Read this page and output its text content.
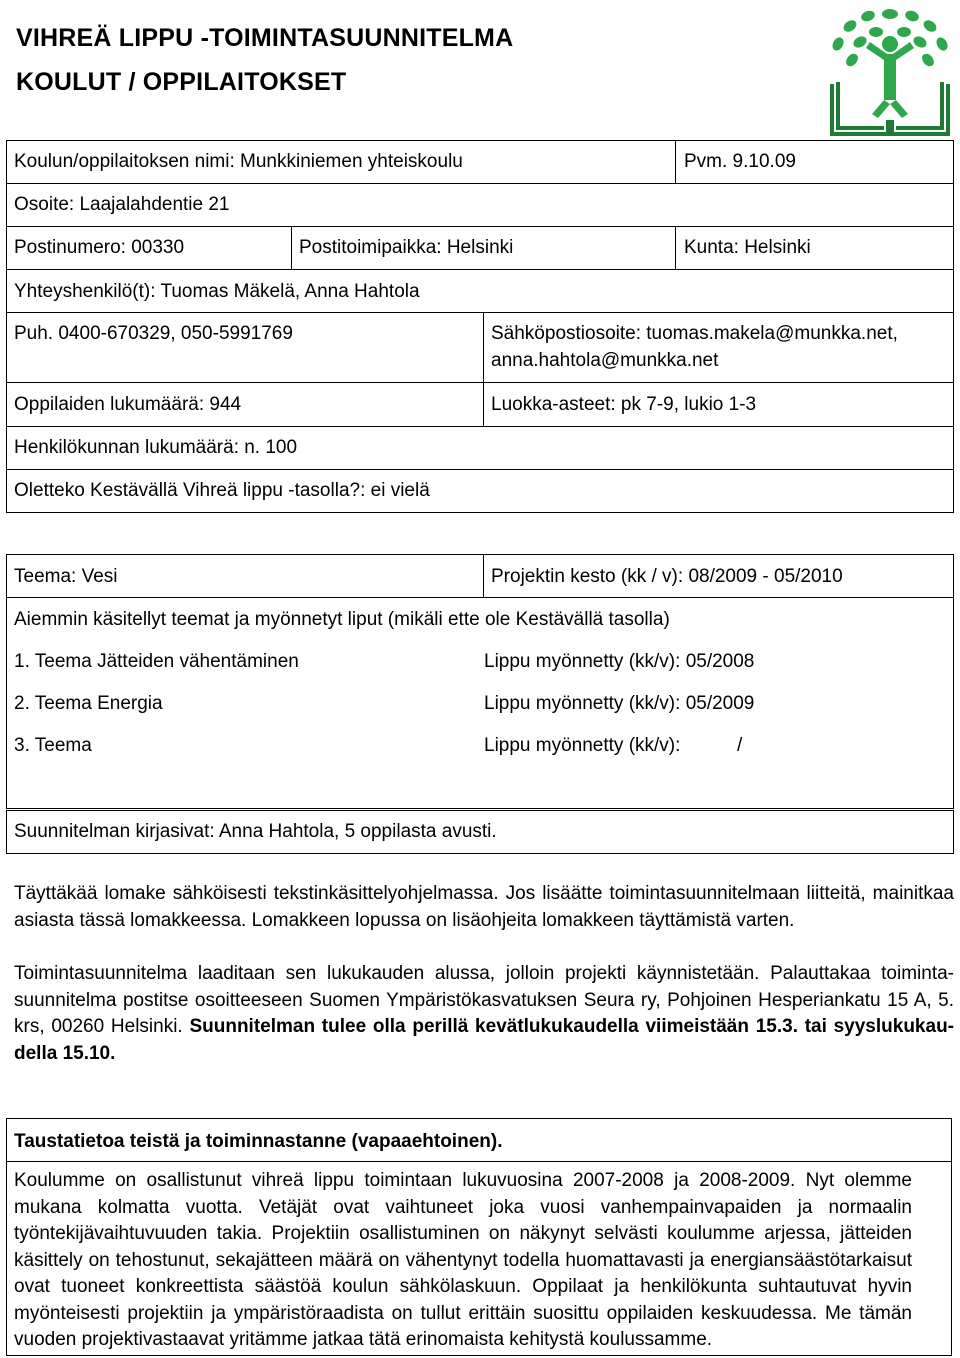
VIHREÄ LIPPU -TOIMINTASUUNNITELMA
KOULUT / OPPILAITOKSET
Koulun/oppilaitoksen nimi: Munkkiniemen yhteiskoulu	Pvm. 9.10.09
Osoite: Laajalahdentie 21
Postinumero: 00330	Postitoimipaikka: Helsinki	Kunta: Helsinki
Yhteyshenkilö(t): Tuomas Mäkelä, Anna Hahtola
Puh. 0400-670329, 050-5991769	Sähköpostiosoite: tuomas.makela@munkka.net,
anna.hahtola@munkka.net
Oppilaiden lukumäärä: 944	Luokka-asteet: pk 7-9, lukio 1-3
Henkilökunnan lukumäärä: n. 100
Oletteko Kestävällä Vihreä lippu -tasolla?: ei vielä
Teema: Vesi	Projektin kesto (kk / v): 08/2009 - 05/2010
Aiemmin käsitellyt teemat ja myönnetyt liput (mikäli ette ole Kestävällä tasolla)
1. Teema Jätteiden vähentäminen	Lippu myönnetty (kk/v): 05/2008
2. Teema Energia	Lippu myönnetty (kk/v): 05/2009
3. Teema	Lippu myönnetty (kk/v):	/
Suunnitelman kirjasivat: Anna Hahtola, 5 oppilasta avusti.
Täyttäkää lomake sähköisesti tekstinkäsittelyohjelmassa. Jos lisäätte toimintasuunnitelmaan liitteitä, mainitkaa asiasta tässä lomakkeessa. Lomakkeen lopussa on lisäohjeita lomakkeen täyttämistä varten.
Toimintasuunnitelma laaditaan sen lukukauden alussa, jolloin projekti käynnistetään. Palauttakaa toiminta-suunnitelma postitse osoitteeseen Suomen Ympäristökasvatuksen Seura ry, Pohjoinen Hesperiankatu 15 A, 5. krs, 00260 Helsinki. Suunnitelman tulee olla perillä kevätlukukaudella viimeistään 15.3. tai syyslukukau-della 15.10.
Taustatietoa teistä ja toiminnastanne (vapaaehtoinen).
Koulumme on osallistunut vihreä lippu toimintaan lukuvuosina 2007-2008 ja 2008-2009. Nyt olemme mukana kolmatta vuotta. Vetäjät ovat vaihtuneet joka vuosi vanhempainvapaiden ja normaalin työntekijävaihtuvuuden takia. Projektiin osallistuminen on näkynyt selvästi koulumme arjessa, jätteiden käsittely on tehostunut, sekajätteen määrä on vähentynyt todella huomattavasti ja energiansäästötarkaisut ovat tuoneet konkreettista säästöä koulun sähkölaskuun. Oppilaat ja henkilökunta suhtautuvat hyvin myönteisesti projektiin ja ympäristöraadista on tullut erittäin suosittu oppilaiden keskuudessa. Me tämän vuoden projektivastaavat yritämme jatkaa tätä erinomaista kehitystä koulussamme.
